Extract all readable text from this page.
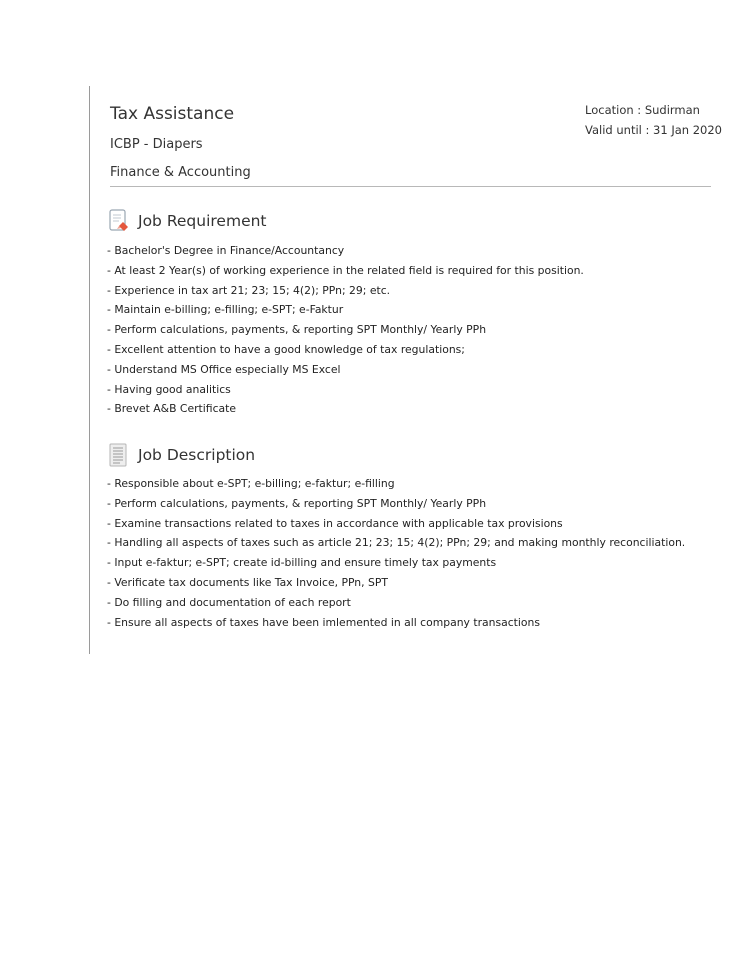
Tax Assistance
ICBP - Diapers
Finance & Accounting
Location : Sudirman
Valid until : 31 Jan 2020
Job Requirement
- Bachelor's Degree in Finance/Accountancy
- At least 2 Year(s) of working experience in the related field is required for this position.
- Experience in tax art 21; 23; 15; 4(2); PPn; 29; etc.
- Maintain e-billing; e-filling; e-SPT; e-Faktur
- Perform calculations, payments, & reporting SPT Monthly/ Yearly PPh
- Excellent attention to have a good knowledge of tax regulations;
- Understand MS Office especially MS Excel
- Having good analitics
- Brevet A&B Certificate
Job Description
- Responsible about e-SPT; e-billing; e-faktur; e-filling
- Perform calculations, payments, & reporting SPT Monthly/ Yearly PPh
- Examine transactions related to taxes in accordance with applicable tax provisions
- Handling all aspects of taxes such as article 21; 23; 15; 4(2); PPn; 29; and making monthly reconciliation.
- Input e-faktur; e-SPT; create id-billing and ensure timely tax payments
- Verificate tax documents like Tax Invoice, PPn, SPT
- Do filling and documentation of each report
- Ensure all aspects of taxes have been imlemented in all company transactions
